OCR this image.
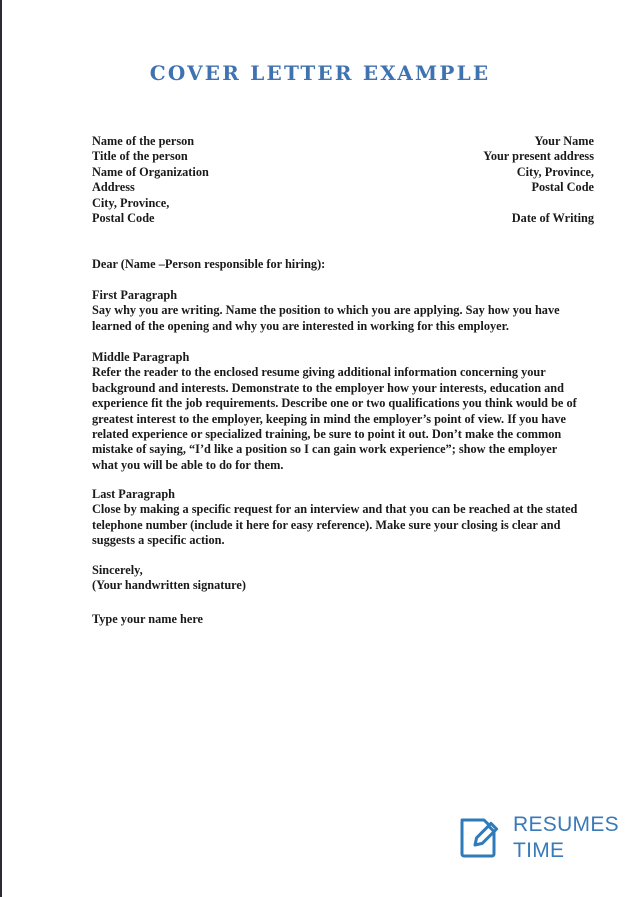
COVER LETTER EXAMPLE
Name of the person
Title of the person
Name of Organization
Address
City, Province,
Postal Code
Your Name
Your present address
City, Province,
Postal Code
Date of Writing
Dear (Name –Person responsible for hiring):
First Paragraph
Say why you are writing. Name the position to which you are applying. Say how you have
learned of the opening and why you are interested in working for this employer.
Middle Paragraph
Refer the reader to the enclosed resume giving additional information concerning your
background and interests. Demonstrate to the employer how your interests, education and
experience fit the job requirements. Describe one or two qualifications you think would be of
greatest interest to the employer, keeping in mind the employer’s point of view. If you have
related experience or specialized training, be sure to point it out. Don’t make the common
mistake of saying, “I’d like a position so I can gain work experience”; show the employer
what you will be able to do for them.
Last Paragraph
Close by making a specific request for an interview and that you can be reached at the stated
telephone number (include it here for easy reference). Make sure your closing is clear and
suggests a specific action.
Sincerely,
(Your handwritten signature)
Type your name here
RESUMES
TIME
